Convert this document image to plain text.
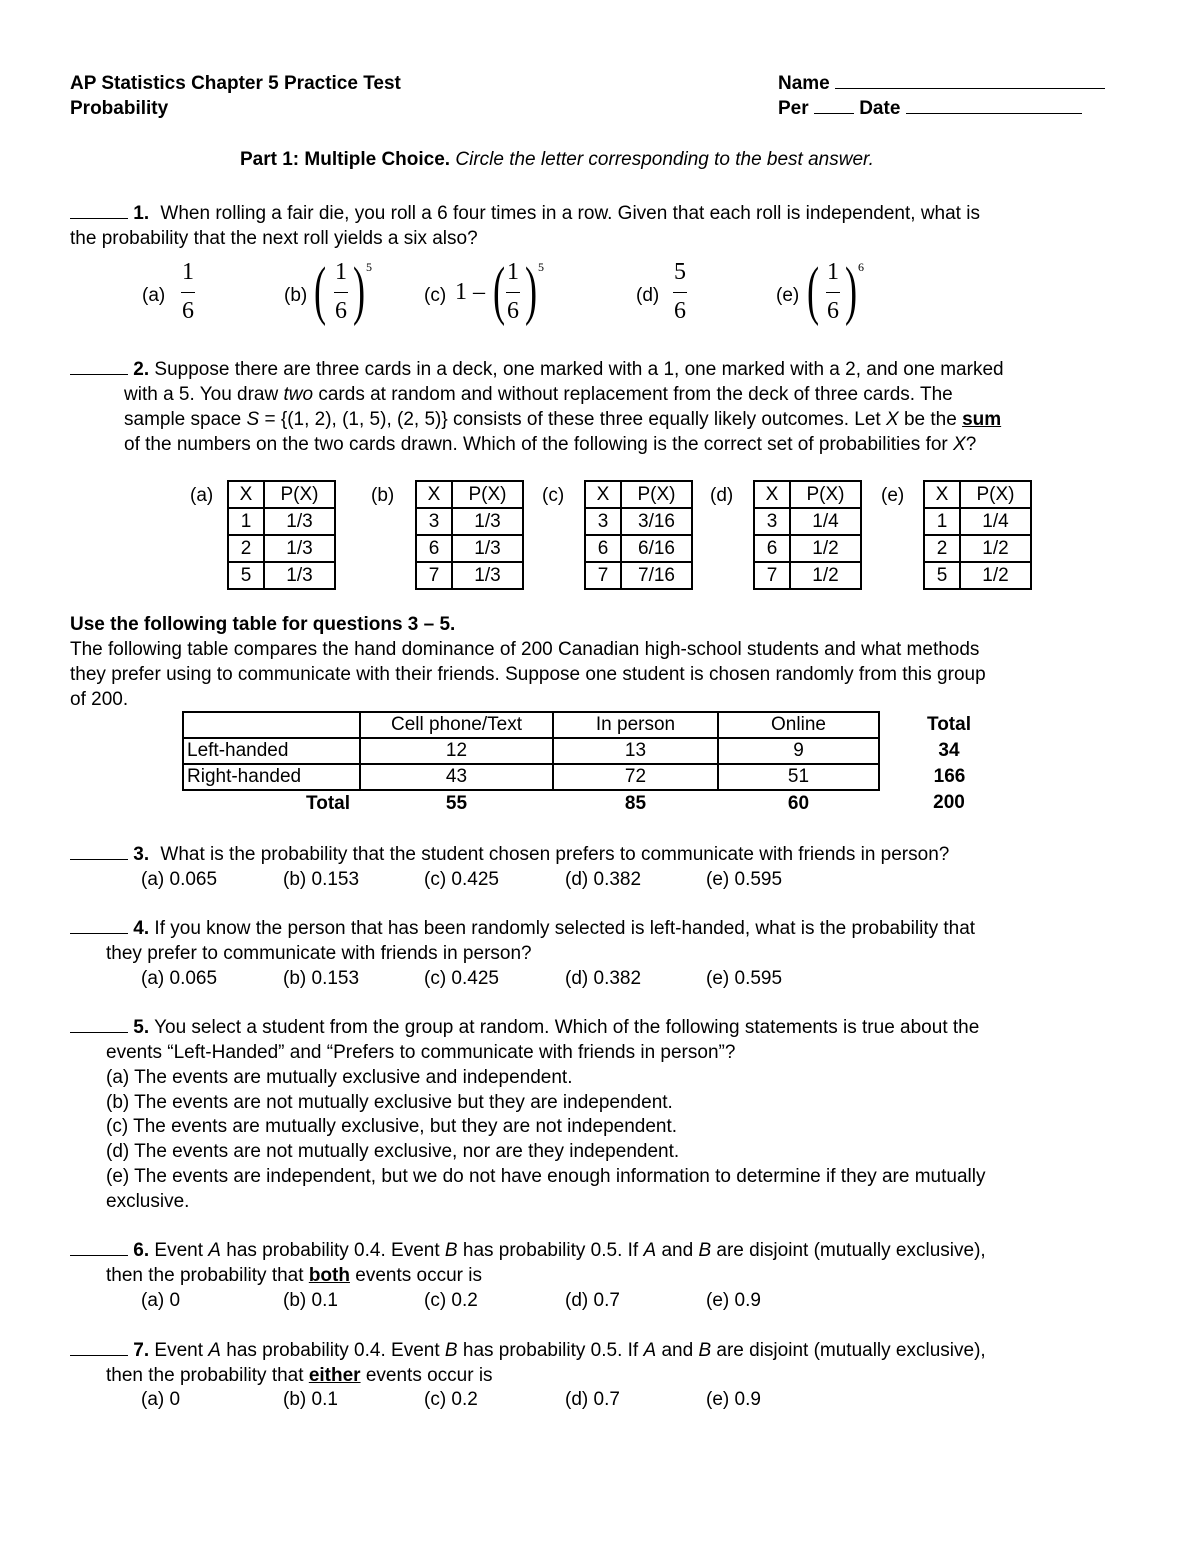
AP Statistics Chapter 5 Practice Test
Probability
Name
Per	Date
Part 1: Multiple Choice. Circle the letter corresponding to the best answer.
1. When rolling a fair die, you roll a 6 four times in a row. Given that each roll is independent, what is
the probability that the next roll yields a six also?
(a)
1
6
(b) ( 1
6 ) 5
(c) 1 – ( 1
6 ) 5
(d)
5
6
(e) ( 1
6 ) 6
2. Suppose there are three cards in a deck, one marked with a 1, one marked with a 2, and one marked
with a 5. You draw two cards at random and without replacement from the deck of three cards. The
sample space S = {(1, 2), (1, 5), (2, 5)} consists of these three equally likely outcomes. Let X be the sum
of the numbers on the two cards drawn. Which of the following is the correct set of probabilities for X?
(a) X	P(X)
1	1/3
2	1/3
5	1/3
(b) X	P(X)
3	1/3
6	1/3
7	1/3
(c) X	P(X)
3	3/16
6	6/16
7	7/16
(d) X	P(X)
3	1/4
6	1/2
7	1/2
(e) X	P(X)
1	1/4
2	1/2
5	1/2
Use the following table for questions 3 – 5.
The following table compares the hand dominance of 200 Canadian high-school students and what methods
they prefer using to communicate with their friends. Suppose one student is chosen randomly from this group
of 200.
	Cell phone/Text	In person	Online	Total
Left-handed	12	13	9	34
Right-handed	43	72	51	166
Total	55	85	60	200
3. What is the probability that the student chosen prefers to communicate with friends in person?
(a) 0.065	(b) 0.153	(c) 0.425	(d) 0.382	(e) 0.595
4. If you know the person that has been randomly selected is left-handed, what is the probability that
they prefer to communicate with friends in person?
(a) 0.065	(b) 0.153	(c) 0.425	(d) 0.382	(e) 0.595
5. You select a student from the group at random. Which of the following statements is true about the
events “Left-Handed” and “Prefers to communicate with friends in person”?
(a) The events are mutually exclusive and independent.
(b) The events are not mutually exclusive but they are independent.
(c) The events are mutually exclusive, but they are not independent.
(d) The events are not mutually exclusive, nor are they independent.
(e) The events are independent, but we do not have enough information to determine if they are mutually
exclusive.
6. Event A has probability 0.4. Event B has probability 0.5. If A and B are disjoint (mutually exclusive),
then the probability that both events occur is
(a) 0	(b) 0.1	(c) 0.2	(d) 0.7	(e) 0.9
7. Event A has probability 0.4. Event B has probability 0.5. If A and B are disjoint (mutually exclusive),
then the probability that either events occur is
(a) 0	(b) 0.1	(c) 0.2	(d) 0.7	(e) 0.9
